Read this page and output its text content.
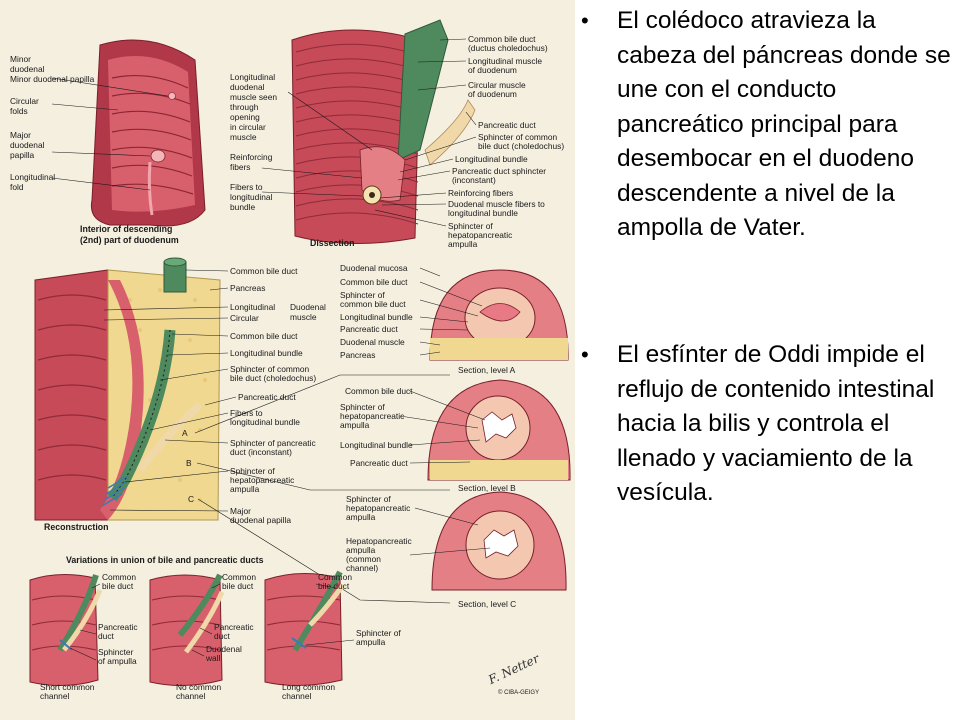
Minor duodenal Minor duodenal papilla
Circular folds
Major duodenal papilla
Longitudinal fold
Interior of descending (2nd) part of duodenum
Longitudinal duodenal muscle seen through opening in circular muscle
Reinforcing fibers
Fibers to longitudinal bundle
Dissection
Common bile duct (ductus choledochus)
Longitudinal muscle of duodenum
Circular muscle of duodenum
Pancreatic duct
Sphincter of common bile duct (choledochus)
Longitudinal bundle
Pancreatic duct sphincter (inconstant)
Reinforcing fibers
Duodenal muscle fibers to longitudinal bundle
Sphincter of hepatopancreatic ampulla
A
B
C
Common bile duct
Pancreas
Longitudinal
Circular
Duodenal muscle
Common bile duct
Longitudinal bundle
Sphincter of common bile duct (choledochus)
Pancreatic duct
Fibers to longitudinal bundle
Sphincter of pancreatic duct (inconstant)
Sphincter of hepatopancreatic ampulla
Major duodenal papilla
Reconstruction
Duodenal mucosa
Common bile duct
Sphincter of common bile duct
Longitudinal bundle
Pancreatic duct
Duodenal muscle
Pancreas
Section, level A
Common bile duct
Sphincter of hepatopancreatic ampulla
Longitudinal bundle
Pancreatic duct
Section, level B
Sphincter of hepatopancreatic ampulla
Hepatopancreatic ampulla (common channel)
Section, level C
Variations in union of bile and pancreatic ducts
Common bile duct
Pancreatic duct
Sphincter of ampulla
Short common channel
Common bile duct
Pancreatic duct
Duodenal wall
No common channel
Common bile duct
Sphincter of ampulla
Long common channel
F. Netter
© CIBA-GEIGY
• El colédoco atravieza la cabeza del páncreas donde se une con el conducto pancreático principal para desembocar en el duodeno descendente a nivel de la ampolla de Vater.
• El esfínter de Oddi impide el reflujo de contenido intestinal hacia la bilis y controla el llenado y vaciamiento de la vesícula.
